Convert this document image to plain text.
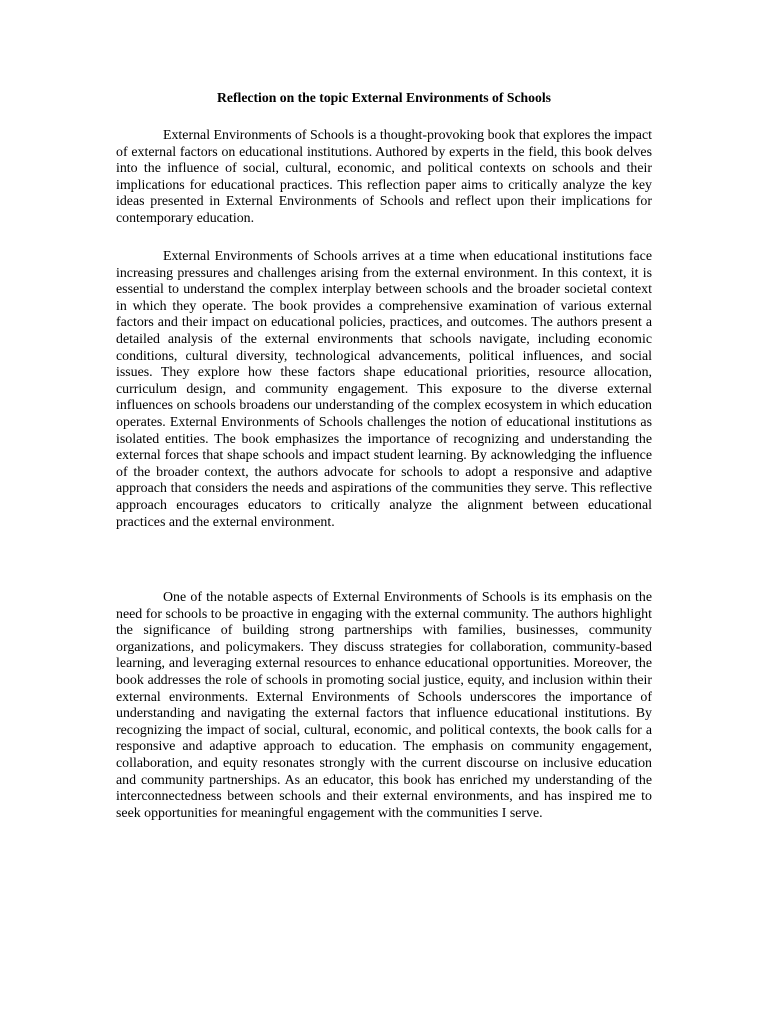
Reflection on the topic External Environments of Schools

External Environments of Schools is a thought-provoking book that explores the impact of external factors on educational institutions. Authored by experts in the field, this book delves into the influence of social, cultural, economic, and political contexts on schools and their implications for educational practices. This reflection paper aims to critically analyze the key ideas presented in External Environments of Schools and reflect upon their implications for contemporary education.

External Environments of Schools arrives at a time when educational institutions face increasing pressures and challenges arising from the external environment. In this context, it is essential to understand the complex interplay between schools and the broader societal context in which they operate. The book provides a comprehensive examination of various external factors and their impact on educational policies, practices, and outcomes. The authors present a detailed analysis of the external environments that schools navigate, including economic conditions, cultural diversity, technological advancements, political influences, and social issues. They explore how these factors shape educational priorities, resource allocation, curriculum design, and community engagement. This exposure to the diverse external influences on schools broadens our understanding of the complex ecosystem in which education operates. External Environments of Schools challenges the notion of educational institutions as isolated entities. The book emphasizes the importance of recognizing and understanding the external forces that shape schools and impact student learning. By acknowledging the influence of the broader context, the authors advocate for schools to adopt a responsive and adaptive approach that considers the needs and aspirations of the communities they serve. This reflective approach encourages educators to critically analyze the alignment between educational practices and the external environment.

One of the notable aspects of External Environments of Schools is its emphasis on the need for schools to be proactive in engaging with the external community. The authors highlight the significance of building strong partnerships with families, businesses, community organizations, and policymakers. They discuss strategies for collaboration, community-based learning, and leveraging external resources to enhance educational opportunities. Moreover, the book addresses the role of schools in promoting social justice, equity, and inclusion within their external environments. External Environments of Schools underscores the importance of understanding and navigating the external factors that influence educational institutions. By recognizing the impact of social, cultural, economic, and political contexts, the book calls for a responsive and adaptive approach to education. The emphasis on community engagement, collaboration, and equity resonates strongly with the current discourse on inclusive education and community partnerships. As an educator, this book has enriched my understanding of the interconnectedness between schools and their external environments, and has inspired me to seek opportunities for meaningful engagement with the communities I serve.
